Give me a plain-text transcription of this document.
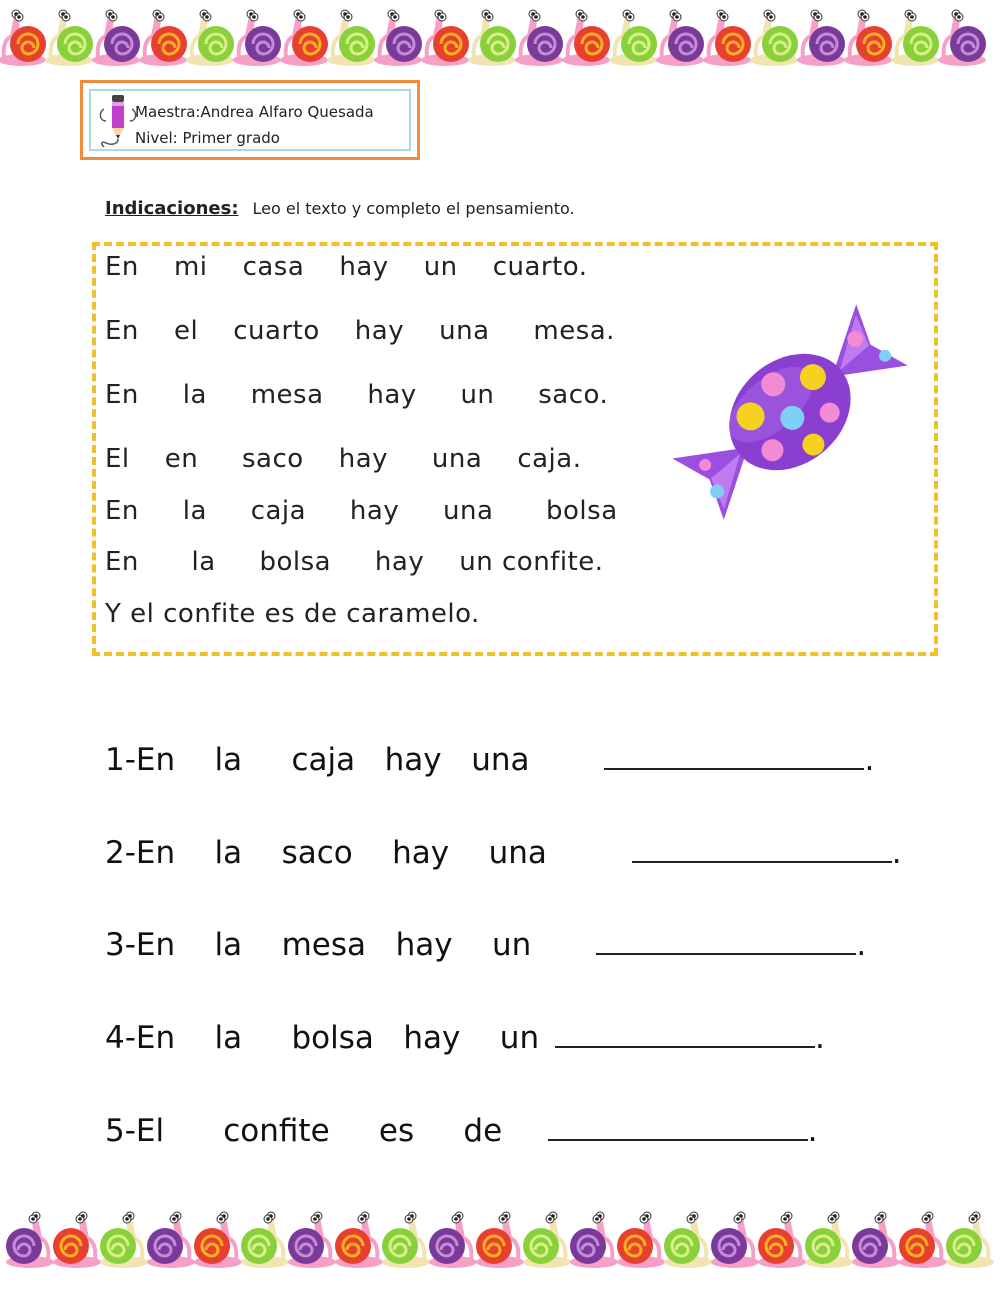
Maestra:Andrea Alfaro Quesada
Nivel: Primer grado
Indicaciones: Leo el texto y completo el pensamiento.
En    mi    casa    hay    un    cuarto.
En    el    cuarto    hay    una     mesa.
En     la     mesa     hay     un     saco.
El    en     saco    hay     una    caja.
En     la     caja     hay     una      bolsa
En      la     bolsa     hay    un confite.
Y el confite es de caramelo.
1-En    la     caja   hay   una	.
2-En    la    saco    hay    una	.
3-En    la    mesa   hay    un	.
4-En    la     bolsa   hay    un	.
5-El      confite     es     de	.
